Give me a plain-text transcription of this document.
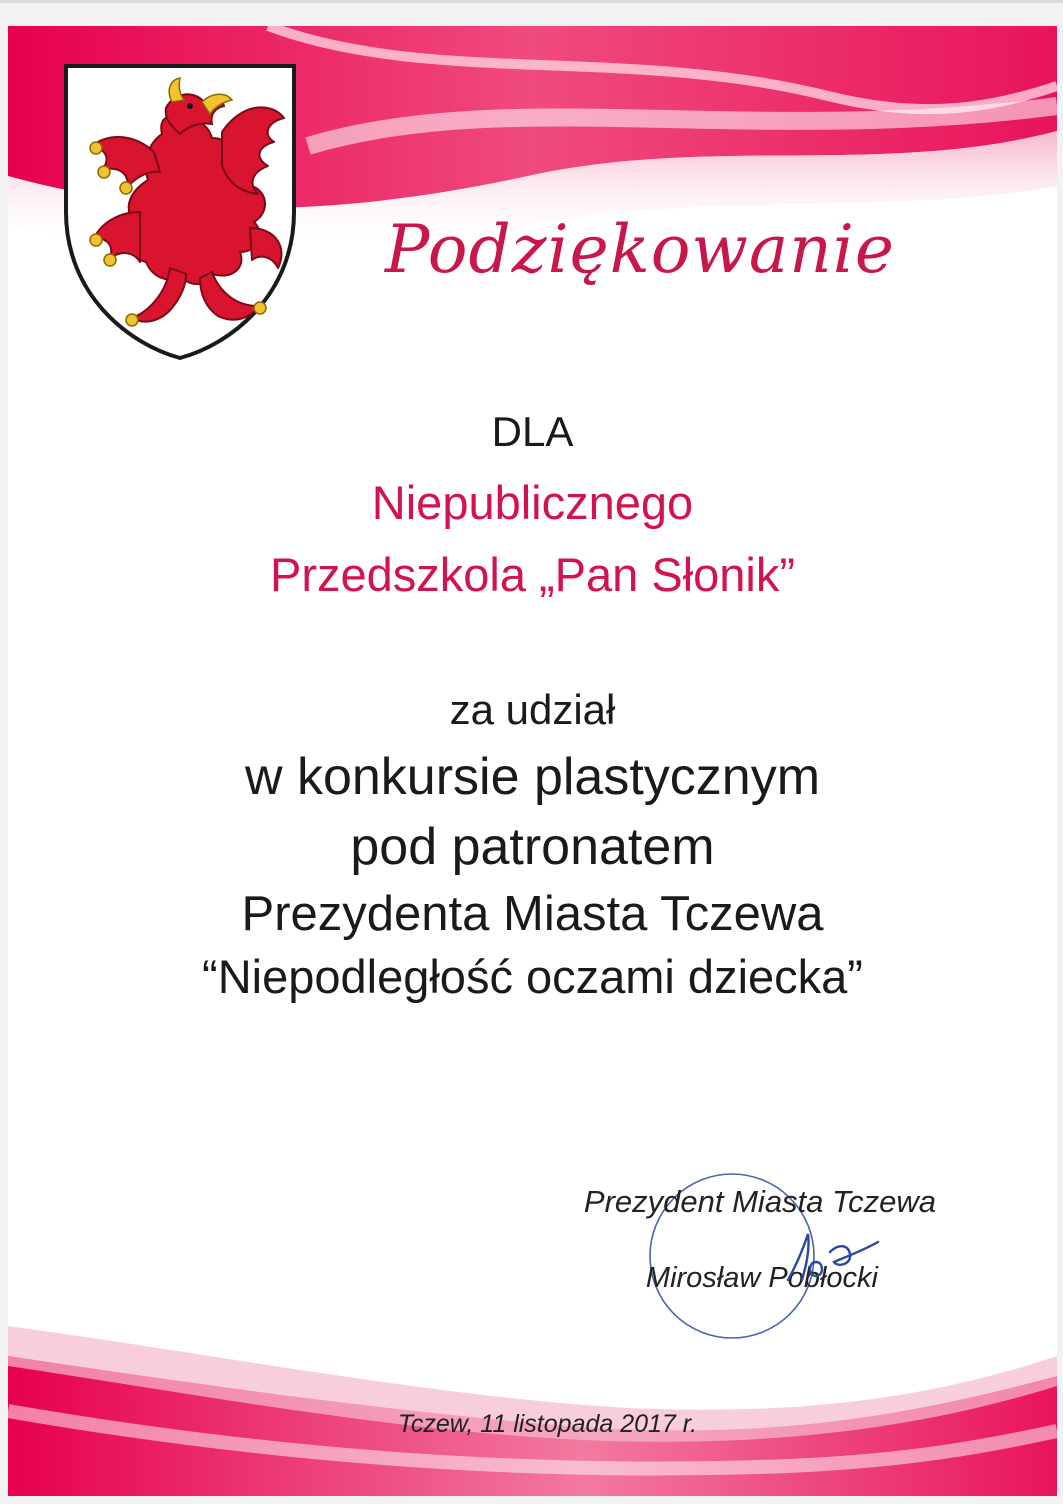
Podziękowanie
DLA
Niepublicznego
Przedszkola „Pan Słonik”
za udział
w konkursie plastycznym
pod patronatem
Prezydenta Miasta Tczewa
“Niepodległość oczami dziecka”
Prezydent Miasta Tczewa
Mirosław Pobłocki
Tczew, 11 listopada 2017 r.
